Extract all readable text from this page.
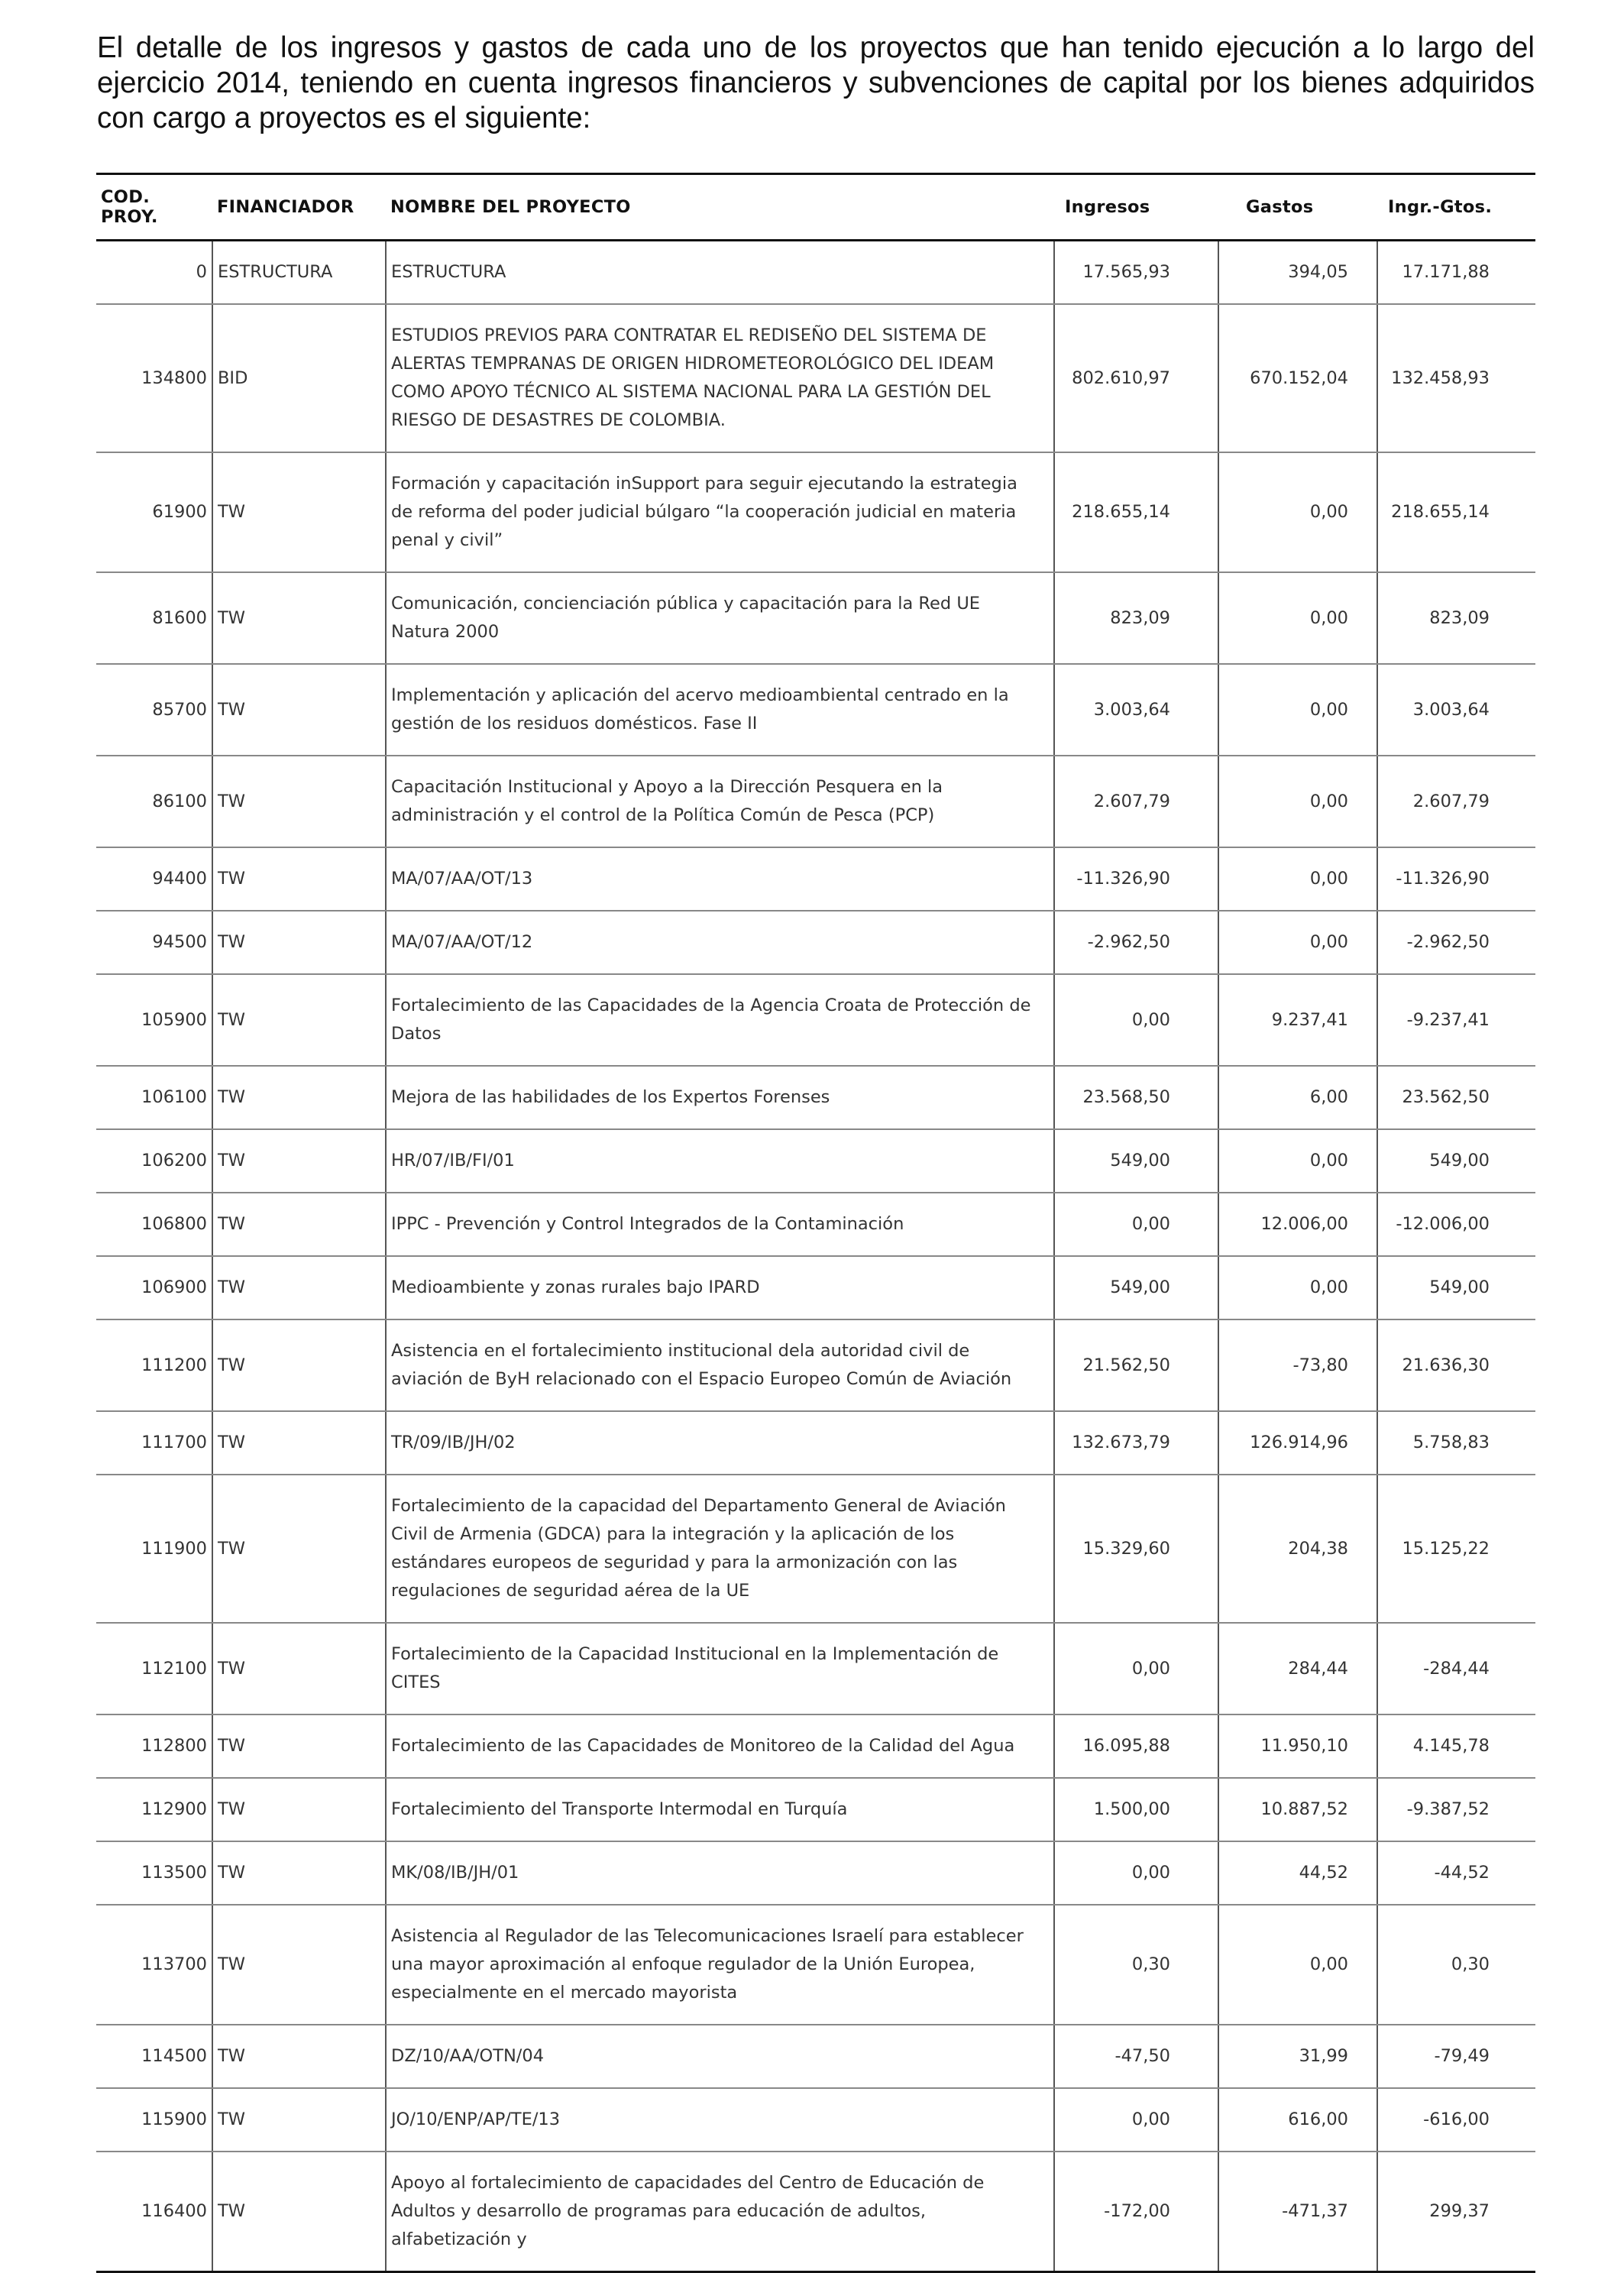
El detalle de los ingresos y gastos de cada uno de los proyectos que han tenido ejecución a lo largo del ejercicio 2014, teniendo en cuenta ingresos financieros y subvenciones de capital por los bienes adquiridos con cargo a proyectos es el siguiente:

COD. PROY.	FINANCIADOR	NOMBRE DEL PROYECTO	Ingresos	Gastos	Ingr.-Gtos.
0	ESTRUCTURA	ESTRUCTURA	17.565,93	394,05	17.171,88
134800	BID	ESTUDIOS PREVIOS PARA CONTRATAR EL REDISEÑO DEL SISTEMA DE ALERTAS TEMPRANAS DE ORIGEN HIDROMETEOROLÓGICO DEL IDEAM COMO APOYO TÉCNICO AL SISTEMA NACIONAL PARA LA GESTIÓN DEL RIESGO DE DESASTRES DE COLOMBIA.	802.610,97	670.152,04	132.458,93
61900	TW	Formación y capacitación inSupport para seguir ejecutando la estrategia de reforma del poder judicial búlgaro “la cooperación judicial en materia penal y civil”	218.655,14	0,00	218.655,14
81600	TW	Comunicación, concienciación pública y capacitación para la Red UE Natura 2000	823,09	0,00	823,09
85700	TW	Implementación y aplicación del acervo medioambiental centrado en la gestión de los residuos domésticos. Fase II	3.003,64	0,00	3.003,64
86100	TW	Capacitación Institucional y Apoyo a la Dirección Pesquera en la administración y el control de la Política Común de Pesca (PCP)	2.607,79	0,00	2.607,79
94400	TW	MA/07/AA/OT/13	-11.326,90	0,00	-11.326,90
94500	TW	MA/07/AA/OT/12	-2.962,50	0,00	-2.962,50
105900	TW	Fortalecimiento de las Capacidades de la Agencia Croata de Protección de Datos	0,00	9.237,41	-9.237,41
106100	TW	Mejora de las habilidades de los Expertos Forenses	23.568,50	6,00	23.562,50
106200	TW	HR/07/IB/FI/01	549,00	0,00	549,00
106800	TW	IPPC - Prevención y Control Integrados de la Contaminación	0,00	12.006,00	-12.006,00
106900	TW	Medioambiente y zonas rurales bajo IPARD	549,00	0,00	549,00
111200	TW	Asistencia en el fortalecimiento institucional dela autoridad civil de aviación de ByH relacionado con el Espacio Europeo Común de Aviación	21.562,50	-73,80	21.636,30
111700	TW	TR/09/IB/JH/02	132.673,79	126.914,96	5.758,83
111900	TW	Fortalecimiento de la capacidad del Departamento General de Aviación Civil de Armenia (GDCA) para la integración y la aplicación de los estándares europeos de seguridad y para la armonización con las regulaciones de seguridad aérea de la UE	15.329,60	204,38	15.125,22
112100	TW	Fortalecimiento de la Capacidad Institucional en la Implementación de CITES	0,00	284,44	-284,44
112800	TW	Fortalecimiento de las Capacidades de Monitoreo de la Calidad del Agua	16.095,88	11.950,10	4.145,78
112900	TW	Fortalecimiento del Transporte Intermodal en Turquía	1.500,00	10.887,52	-9.387,52
113500	TW	MK/08/IB/JH/01	0,00	44,52	-44,52
113700	TW	Asistencia al Regulador de las Telecomunicaciones Israelí para establecer una mayor aproximación al enfoque regulador de la Unión Europea, especialmente en el mercado mayorista	0,30	0,00	0,30
114500	TW	DZ/10/AA/OTN/04	-47,50	31,99	-79,49
115900	TW	JO/10/ENP/AP/TE/13	0,00	616,00	-616,00
116400	TW	Apoyo al fortalecimiento de capacidades del Centro de Educación de Adultos y desarrollo de programas para educación de adultos, alfabetización y	-172,00	-471,37	299,37
